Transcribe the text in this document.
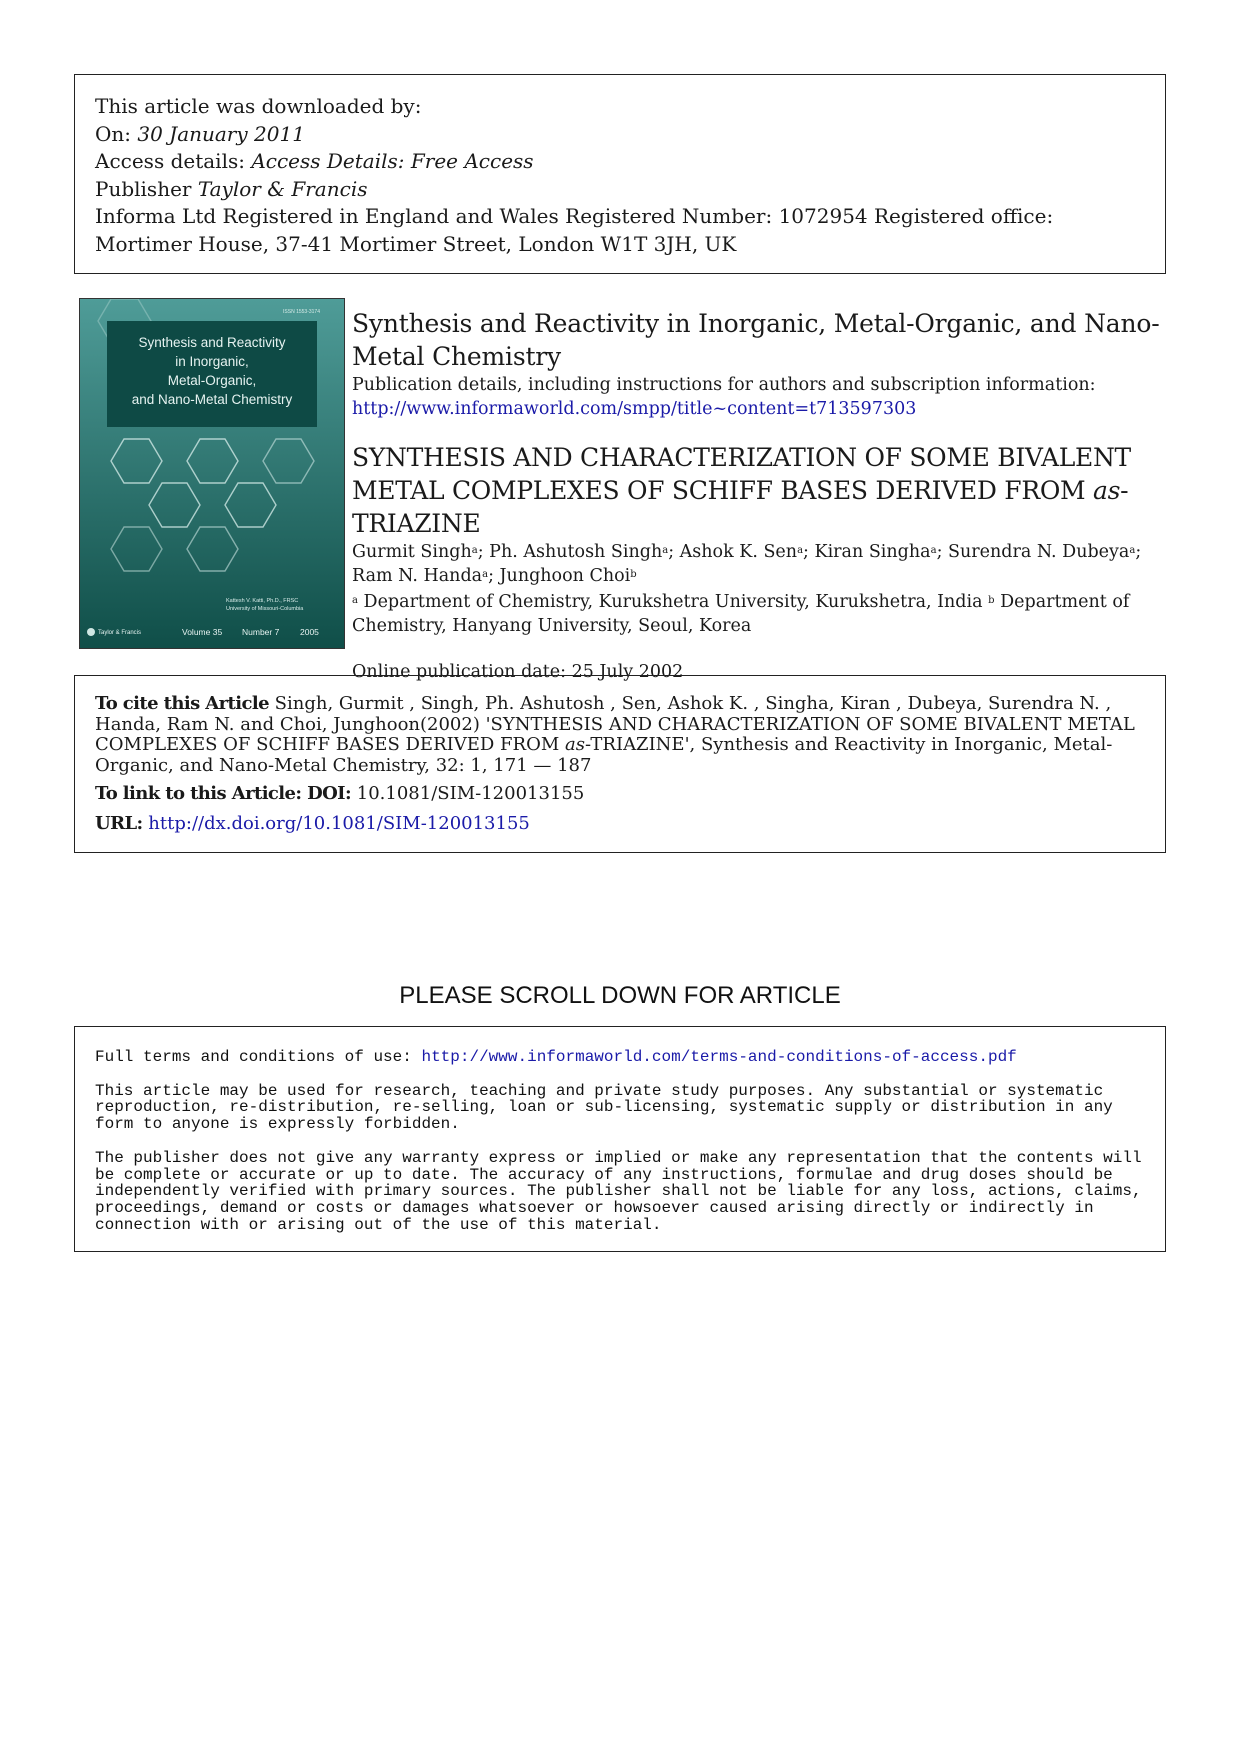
This article was downloaded by:
On: 30 January 2011
Access details: Access Details: Free Access
Publisher Taylor & Francis
Informa Ltd Registered in England and Wales Registered Number: 1072954 Registered office: Mortimer House, 37-41 Mortimer Street, London W1T 3JH, UK
ISSN 1553-3174
Synthesis and Reactivity
in Inorganic,
Metal-Organic,
and Nano-Metal Chemistry
Kattesh V. Katti, Ph.D., FRSC
University of Missouri-Columbia
Taylor & Francis	Volume 35 Number 7 2005
Synthesis and Reactivity in Inorganic, Metal-Organic, and Nano-Metal Chemistry
Publication details, including instructions for authors and subscription information:
http://www.informaworld.com/smpp/title~content=t713597303
SYNTHESIS AND CHARACTERIZATION OF SOME BIVALENT METAL COMPLEXES OF SCHIFF BASES DERIVED FROM as-TRIAZINE
Gurmit Singh$^a$; Ph. Ashutosh Singh$^a$; Ashok K. Sen$^a$; Kiran Singha$^a$; Surendra N. Dubeya$^a$; Ram N. Handa$^a$; Junghoon Choi$^b$
$^a$ Department of Chemistry, Kurukshetra University, Kurukshetra, India $^b$ Department of Chemistry, Hanyang University, Seoul, Korea
Online publication date: 25 July 2002
To cite this Article Singh, Gurmit , Singh, Ph. Ashutosh , Sen, Ashok K. , Singha, Kiran , Dubeya, Surendra N. , Handa, Ram N. and Choi, Junghoon(2002) 'SYNTHESIS AND CHARACTERIZATION OF SOME BIVALENT METAL COMPLEXES OF SCHIFF BASES DERIVED FROM as-TRIAZINE', Synthesis and Reactivity in Inorganic, Metal-Organic, and Nano-Metal Chemistry, 32: 1, 171 — 187
To link to this Article: DOI: 10.1081/SIM-120013155
URL: http://dx.doi.org/10.1081/SIM-120013155
PLEASE SCROLL DOWN FOR ARTICLE

Full terms and conditions of use: http://www.informaworld.com/terms-and-conditions-of-access.pdf

This article may be used for research, teaching and private study purposes. Any substantial or systematic reproduction, re-distribution, re-selling, loan or sub-licensing, systematic supply or distribution in any form to anyone is expressly forbidden.

The publisher does not give any warranty express or implied or make any representation that the contents will be complete or accurate or up to date. The accuracy of any instructions, formulae and drug doses should be independently verified with primary sources. The publisher shall not be liable for any loss, actions, claims, proceedings, demand or costs or damages whatsoever or howsoever caused arising directly or indirectly in connection with or arising out of the use of this material.
